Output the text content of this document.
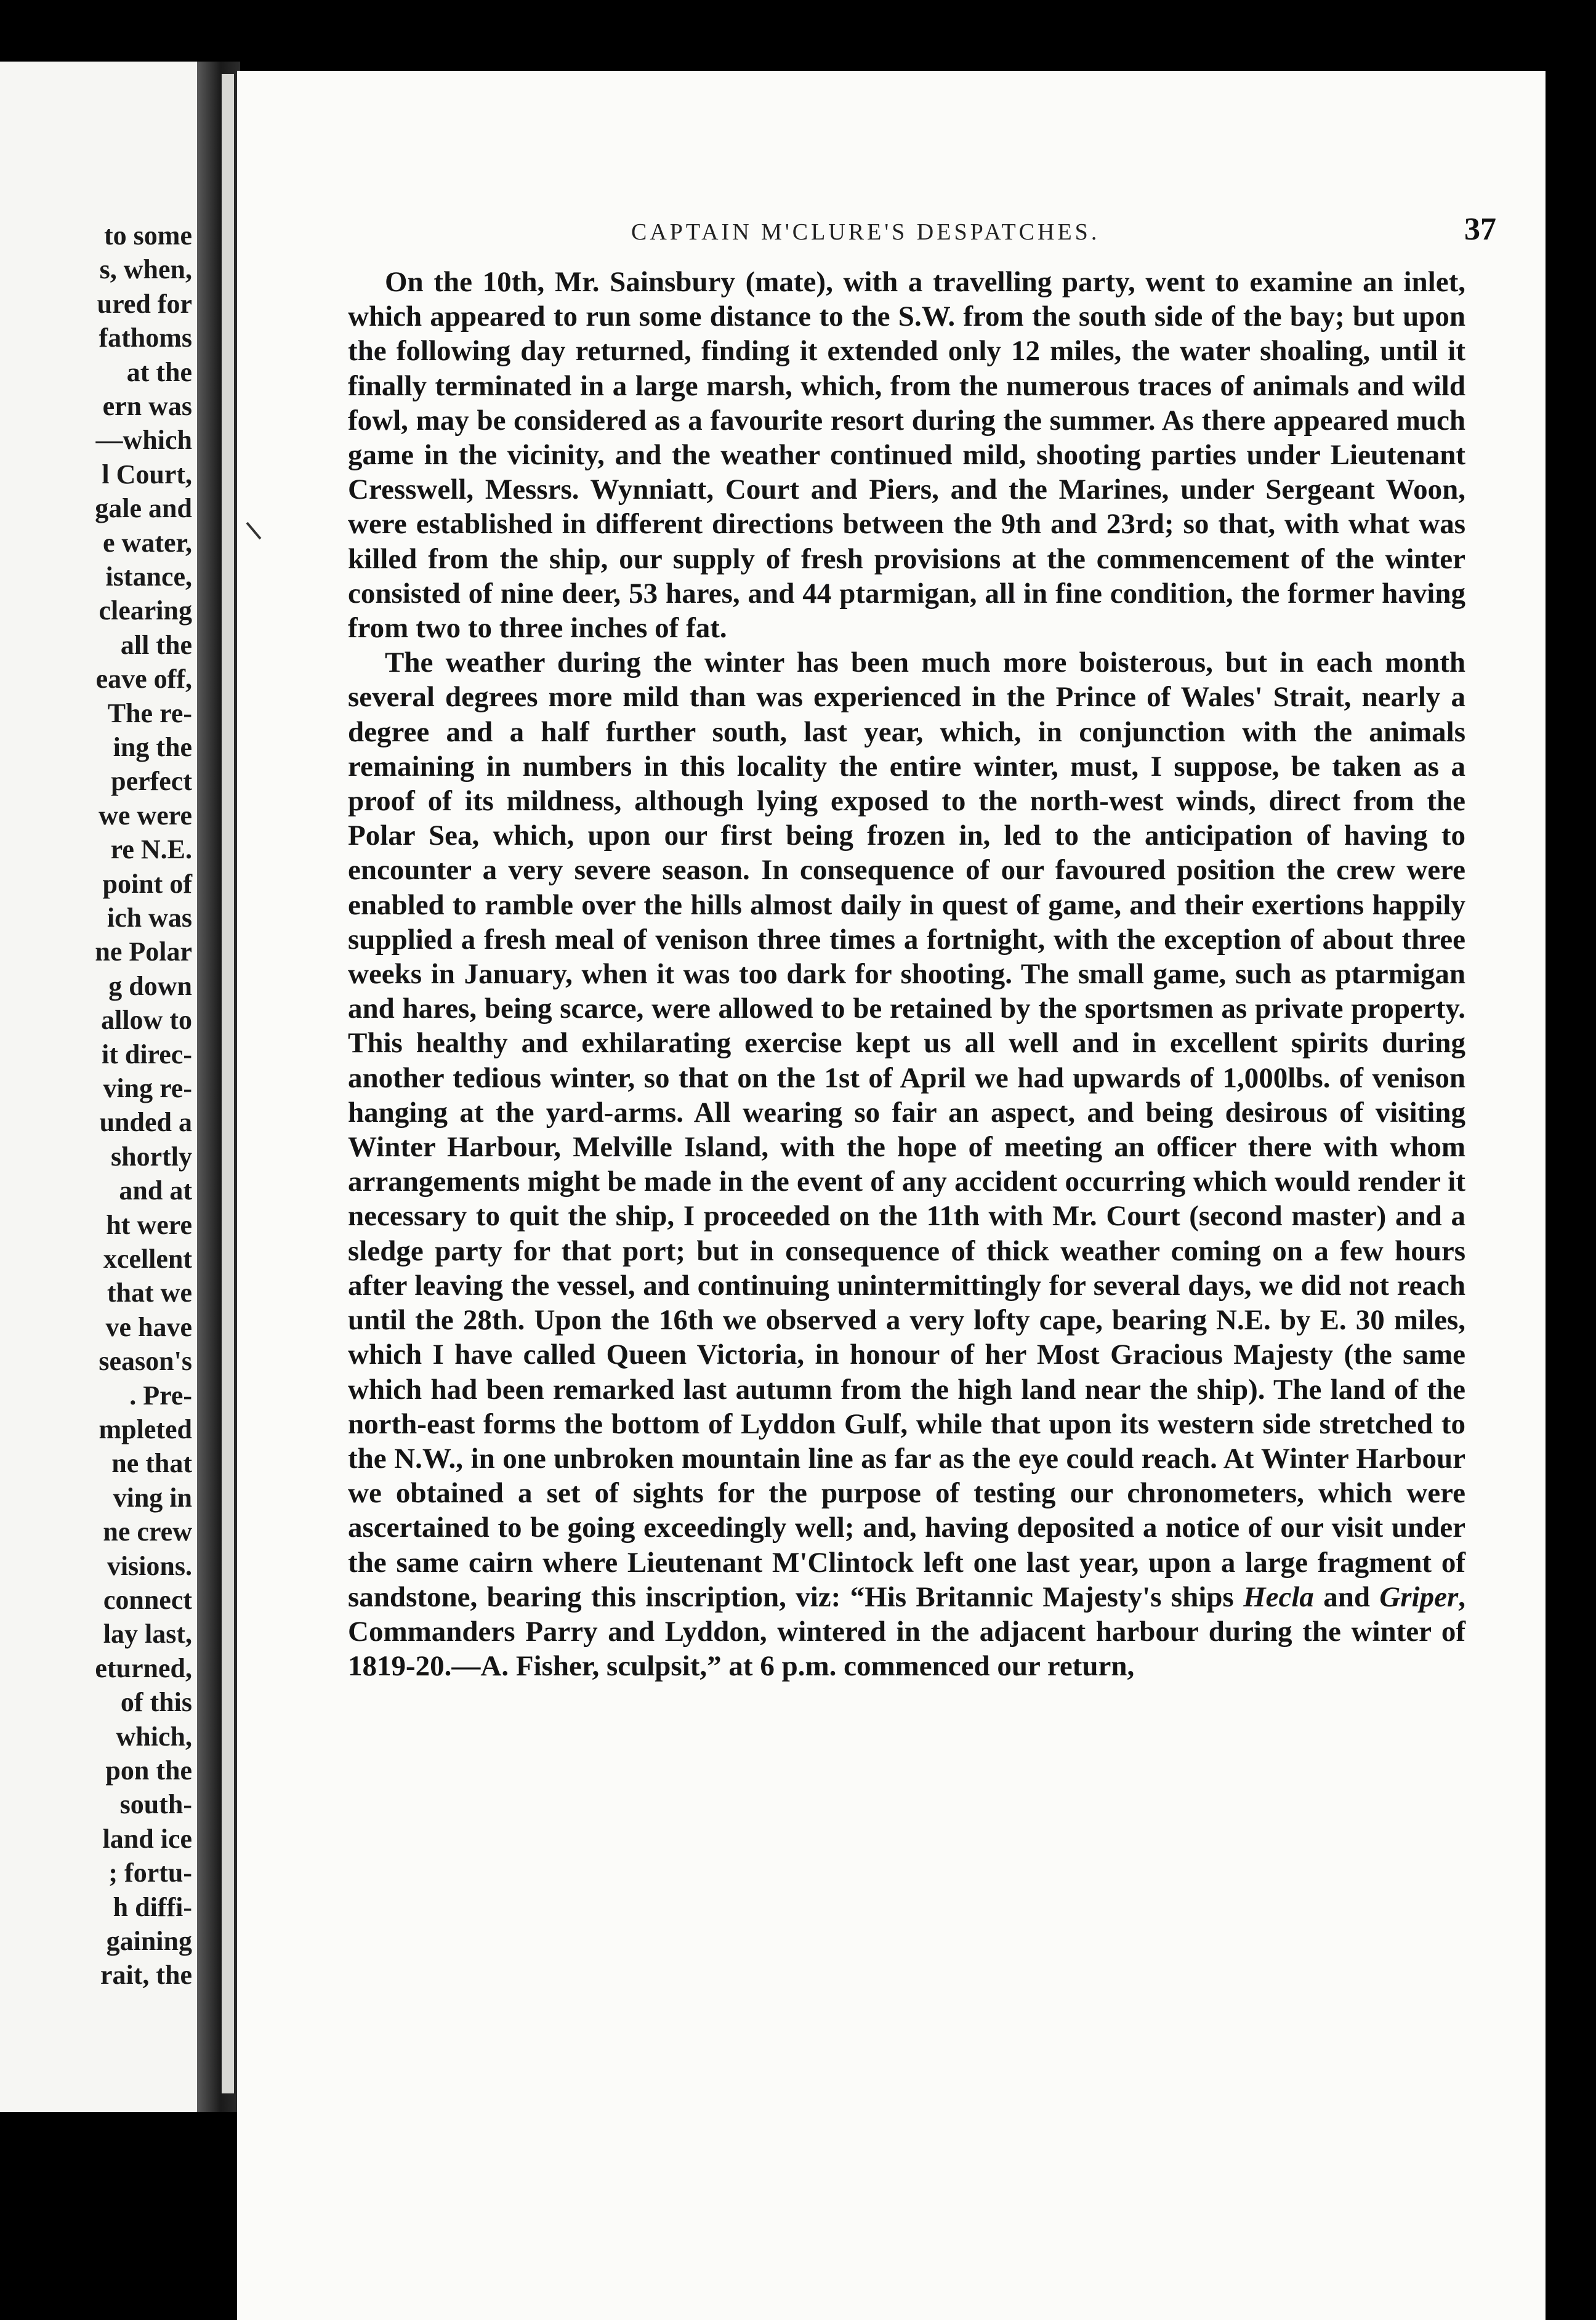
to some
s, when,
ured for
fathoms
at the
ern was
—which
l Court,
gale and
e water,
istance,
clearing
all the
eave off,
The re-
ing the
perfect
we were
re N.E.
point of
ich was
ne Polar
g down
allow to
it direc-
ving re-
unded a
shortly
and at
ht were
xcellent
that we
ve have
season's
. Pre-
mpleted
ne that
ving in
ne crew
visions.
connect
lay last,
eturned,
of this
which,
pon the
south-
land ice
; fortu-
h diffi-
gaining
rait, the
CAPTAIN M'CLURE'S DESPATCHES.	37

On the 10th, Mr. Sainsbury (mate), with a travelling party, went to examine an inlet, which appeared to run some distance to the S.W. from the south side of the bay; but upon the following day returned, finding it extended only 12 miles, the water shoaling, until it finally terminated in a large marsh, which, from the numerous traces of animals and wild fowl, may be considered as a favourite resort during the summer. As there appeared much game in the vicinity, and the weather continued mild, shooting parties under Lieutenant Cresswell, Messrs. Wynniatt, Court and Piers, and the Marines, under Sergeant Woon, were established in different directions between the 9th and 23rd; so that, with what was killed from the ship, our supply of fresh provisions at the commencement of the winter consisted of nine deer, 53 hares, and 44 ptarmigan, all in fine condition, the former having from two to three inches of fat.

The weather during the winter has been much more boisterous, but in each month several degrees more mild than was experienced in the Prince of Wales' Strait, nearly a degree and a half further south, last year, which, in conjunction with the animals remaining in numbers in this locality the entire winter, must, I suppose, be taken as a proof of its mildness, although lying exposed to the north-west winds, direct from the Polar Sea, which, upon our first being frozen in, led to the anticipation of having to encounter a very severe season. In consequence of our favoured position the crew were enabled to ramble over the hills almost daily in quest of game, and their exertions happily supplied a fresh meal of venison three times a fortnight, with the exception of about three weeks in January, when it was too dark for shooting. The small game, such as ptarmigan and hares, being scarce, were allowed to be retained by the sportsmen as private property. This healthy and exhilarating exercise kept us all well and in excellent spirits during another tedious winter, so that on the 1st of April we had upwards of 1,000lbs. of venison hanging at the yard-arms. All wearing so fair an aspect, and being desirous of visiting Winter Harbour, Melville Island, with the hope of meeting an officer there with whom arrangements might be made in the event of any accident occurring which would render it necessary to quit the ship, I proceeded on the 11th with Mr. Court (second master) and a sledge party for that port; but in consequence of thick weather coming on a few hours after leaving the vessel, and continuing unintermittingly for several days, we did not reach until the 28th. Upon the 16th we observed a very lofty cape, bearing N.E. by E. 30 miles, which I have called Queen Victoria, in honour of her Most Gracious Majesty (the same which had been remarked last autumn from the high land near the ship). The land of the north-east forms the bottom of Lyddon Gulf, while that upon its western side stretched to the N.W., in one unbroken mountain line as far as the eye could reach. At Winter Harbour we obtained a set of sights for the purpose of testing our chronometers, which were ascertained to be going exceedingly well; and, having deposited a notice of our visit under the same cairn where Lieutenant M'Clintock left one last year, upon a large fragment of sandstone, bearing this inscription, viz: “His Britannic Majesty's ships Hecla and Griper, Commanders Parry and Lyddon, wintered in the adjacent harbour during the winter of 1819-20.—A. Fisher, sculpsit,” at 6 p.m. commenced our return,
